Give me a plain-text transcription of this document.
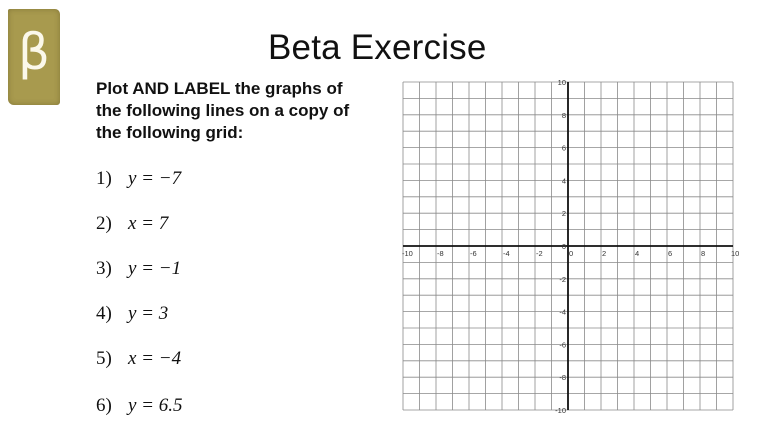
β	Beta Exercise
Plot AND LABEL the graphs of the following lines on a copy of the following grid:
1) y = −7
2) x = 7
3) y = −1
4) y = 3
5) x = −4
6) y = 6.5
-10	-8	-6	-4	-2	0	2	4	6	8	10
10
8
6
4
2
0
-2
-4
-6
-8
-10
